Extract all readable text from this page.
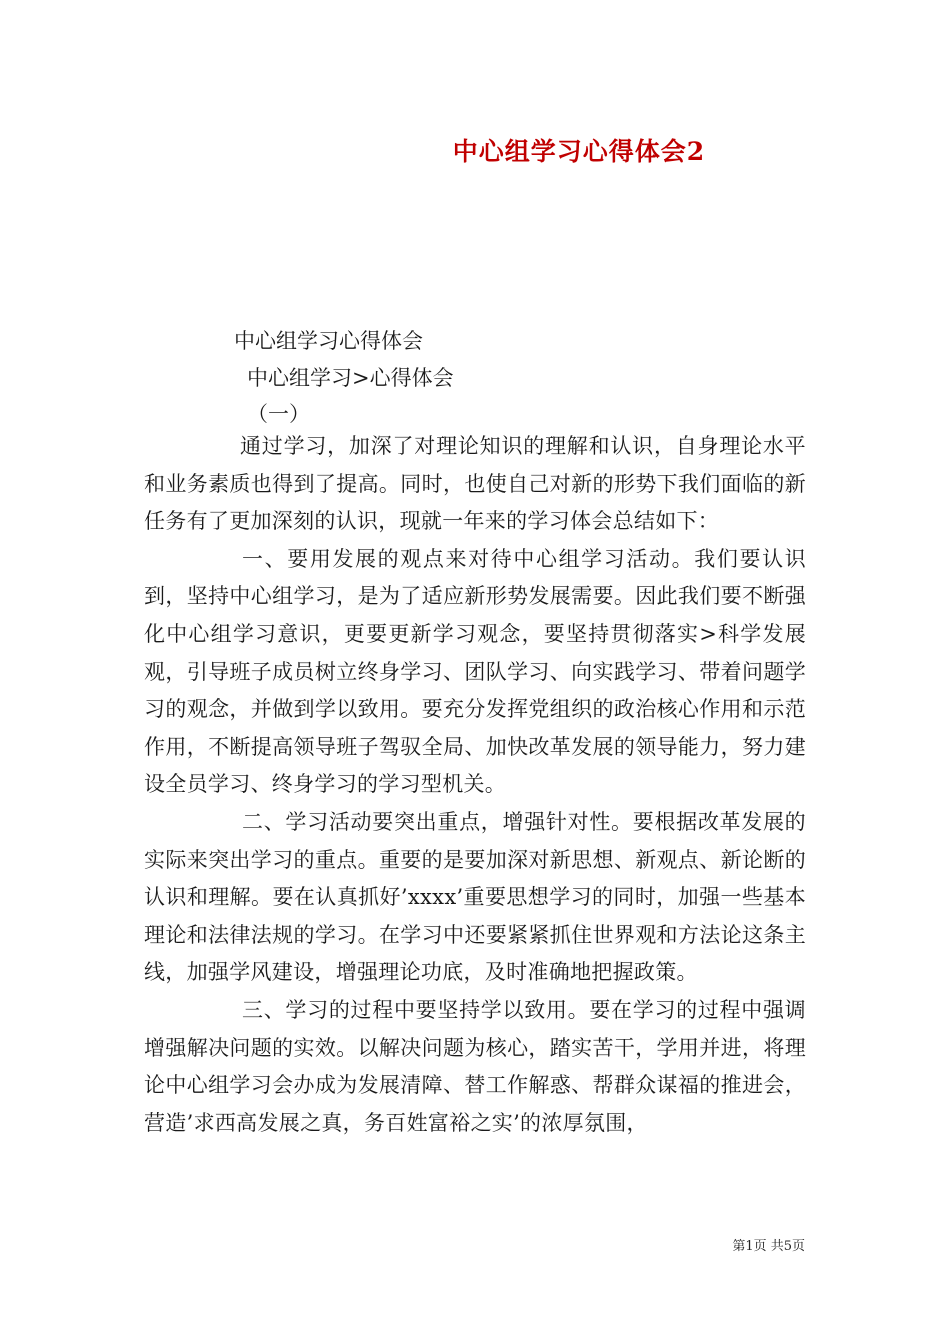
中心组学习心得体会2
中心组学习心得体会
中心组学习>心得体会
（一）

通过学习，加深了对理论知识的理解和认识，自身理论水平和业务素质也得到了提高。同时，也使自己对新的形势下我们面临的新任务有了更加深刻的认识，现就一年来的学习体会总结如下：

一、要用发展的观点来对待中心组学习活动。我们要认识到，坚持中心组学习，是为了适应新形势发展需要。因此我们要不断强化中心组学习意识，更要更新学习观念，要坚持贯彻落实>科学发展观，引导班子成员树立终身学习、团队学习、向实践学习、带着问题学习的观念，并做到学以致用。要充分发挥党组织的政治核心作用和示范作用，不断提高领导班子驾驭全局、加快改革发展的领导能力，努力建设全员学习、终身学习的学习型机关。

二、学习活动要突出重点，增强针对性。要根据改革发展的实际来突出学习的重点。重要的是要加深对新思想、新观点、新论断的认识和理解。要在认真抓好’xxxx’重要思想学习的同时，加强一些基本理论和法律法规的学习。在学习中还要紧紧抓住世界观和方法论这条主线，加强学风建设，增强理论功底，及时准确地把握政策。

三、学习的过程中要坚持学以致用。要在学习的过程中强调增强解决问题的实效。以解决问题为核心，踏实苦干，学用并进，将理论中心组学习会办成为发展清障、替工作解惑、帮群众谋福的推进会，营造’求西高发展之真，务百姓富裕之实’的浓厚氛围，

第1页 共5页
